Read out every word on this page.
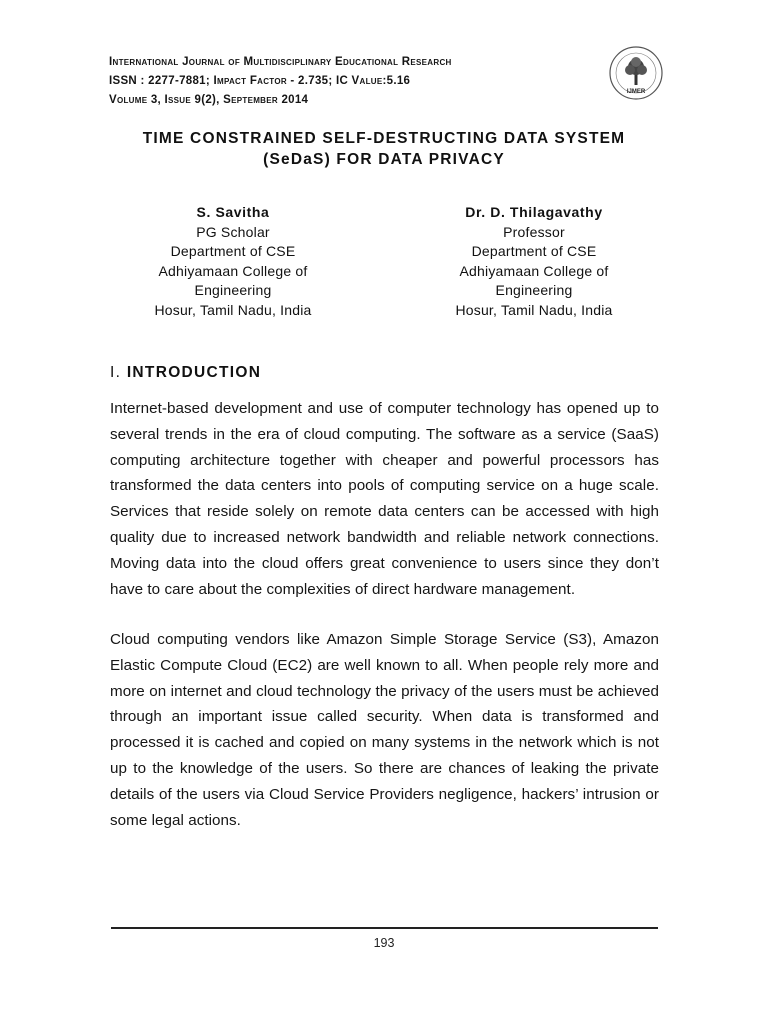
International Journal of Multidisciplinary Educational Research
ISSN : 2277-7881; Impact Factor - 2.735; IC Value:5.16
Volume 3, Issue 9(2), September 2014
IJMER
TIME CONSTRAINED SELF-DESTRUCTING DATA SYSTEM
(SeDaS) FOR DATA PRIVACY
S. Savitha
PG Scholar
Department of CSE
Adhiyamaan College of
Engineering
Hosur, Tamil Nadu, India
Dr. D. Thilagavathy
Professor
Department of CSE
Adhiyamaan College of
Engineering
Hosur, Tamil Nadu, India
I. INTRODUCTION

Internet-based development and use of computer technology has opened up to several trends in the era of cloud computing. The software as a service (SaaS) computing architecture together with cheaper and powerful processors has transformed the data centers into pools of computing service on a huge scale. Services that reside solely on remote data centers can be accessed with high quality due to increased network bandwidth and reliable network connections. Moving data into the cloud offers great convenience to users since they don’t have to care about the complexities of direct hardware management.

Cloud computing vendors like Amazon Simple Storage Service (S3), Amazon Elastic Compute Cloud (EC2) are well known to all. When people rely more and more on internet and cloud technology the privacy of the users must be achieved through an important issue called security. When data is transformed and processed it is cached and copied on many systems in the network which is not up to the knowledge of the users. So there are chances of leaking the private details of the users via Cloud Service Providers negligence, hackers’ intrusion or some legal actions.

193
